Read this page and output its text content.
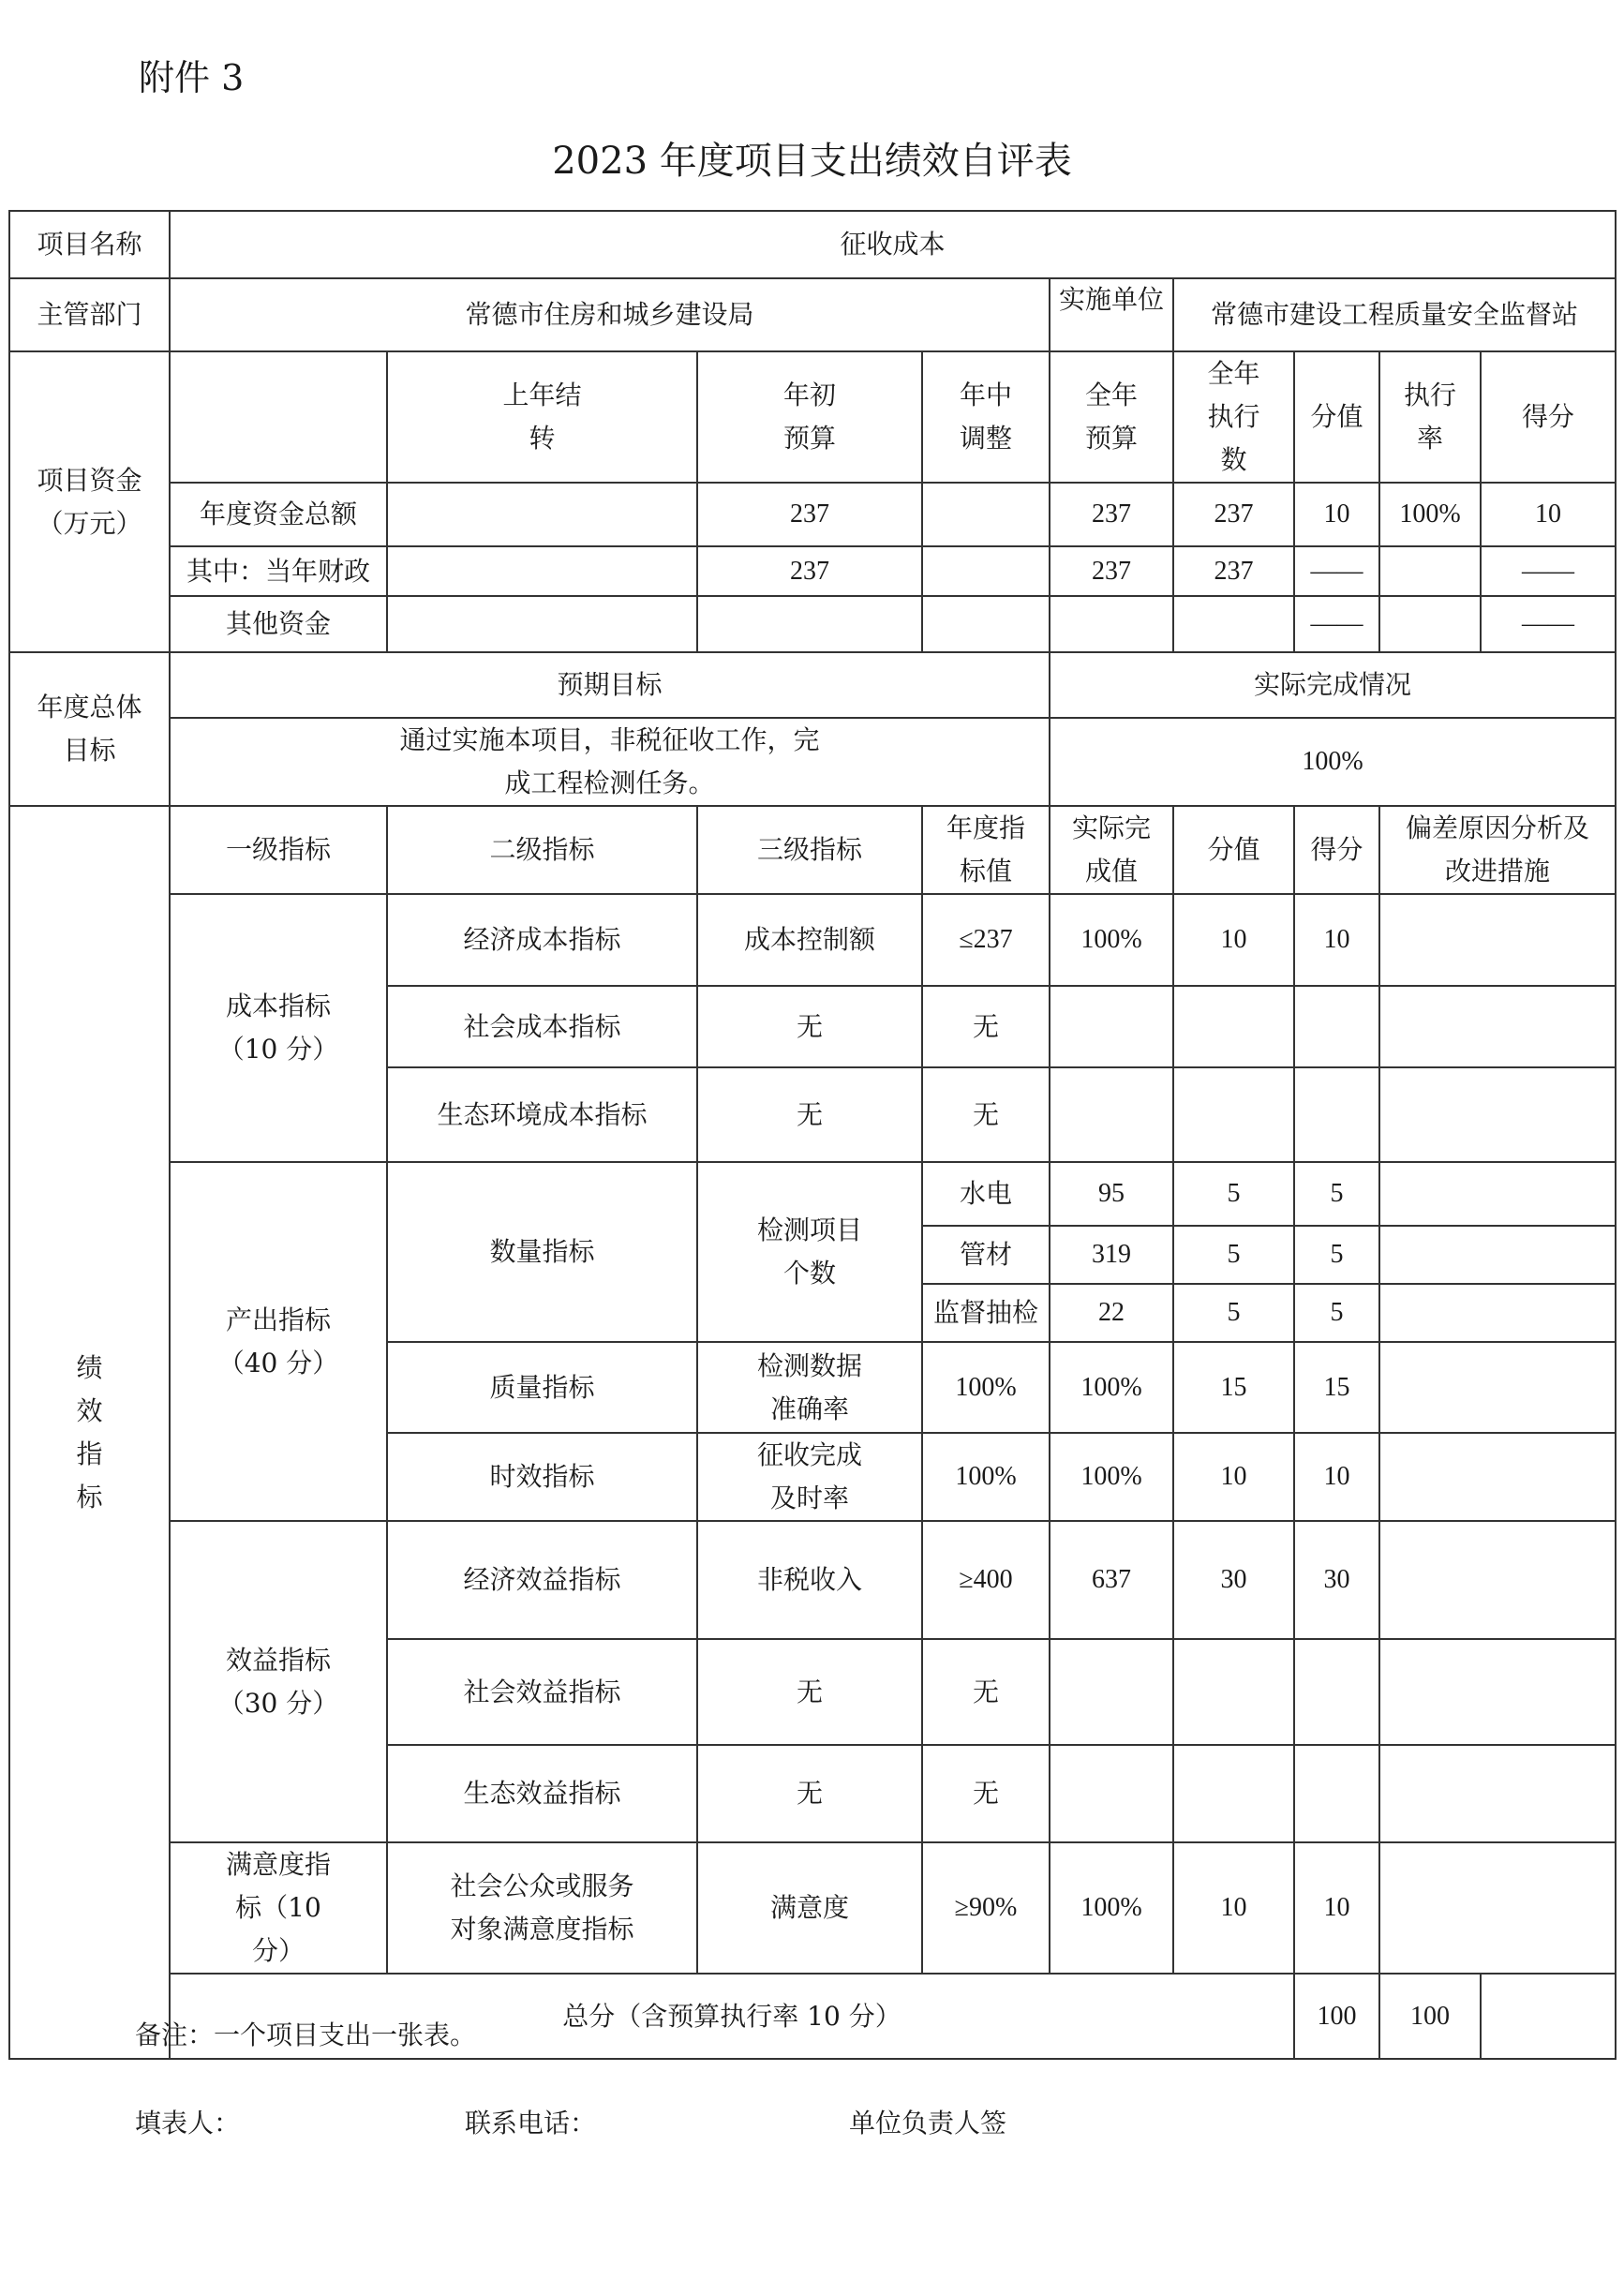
附件 3
2023 年度项目支出绩效自评表
项目名称	征收成本								
主管部门	常德市住房和城乡建设局				实施单位	常德市建设工程质量安全监督站			
项目资金（万元）		上年结转	年初预算	年中调整	全年预算	全年执行数	分值	执行率	得分
	年度资金总额		237		237	237	10	100%	10
	其中：当年财政		237		237	237	——		——
	其他资金						——		——

年度总体目标	预期目标				实际完成情况				

	通过实施本项目，非税征收工作，完成工程检测任务。				100%				

绩效指标	一级指标	二级指标	三级指标	年度指标值	实际完成值	分值	得分	偏差原因分析及改进措施	

	成本指标（10 分）	经济成本指标	成本控制额	≤237	100%	10	10		
		社会成本指标	无	无					
		生态环境成本指标	无	无					

	产出指标（40 分）	数量指标	检测项目个数	水电	95	5	5		
				管材	319	5	5		

				监督抽检	22	5	5		
		质量指标	检测数据准确率	100%	100%	15	15		
		时效指标	征收完成及时率	100%	100%	10	10		

	效益指标（30 分）	经济效益指标	非税收入	≥400	637	30	30		
		社会效益指标	无	无					
		生态效益指标	无	无					

	满意度指标（10 分）	社会公众或服务对象满意度指标	满意度	≥90%	100%	10	10		
	总分（含预算执行率 10 分）						100	100	
备注：一个项目支出一张表。
填表人：	联系电话：	单位负责人签
